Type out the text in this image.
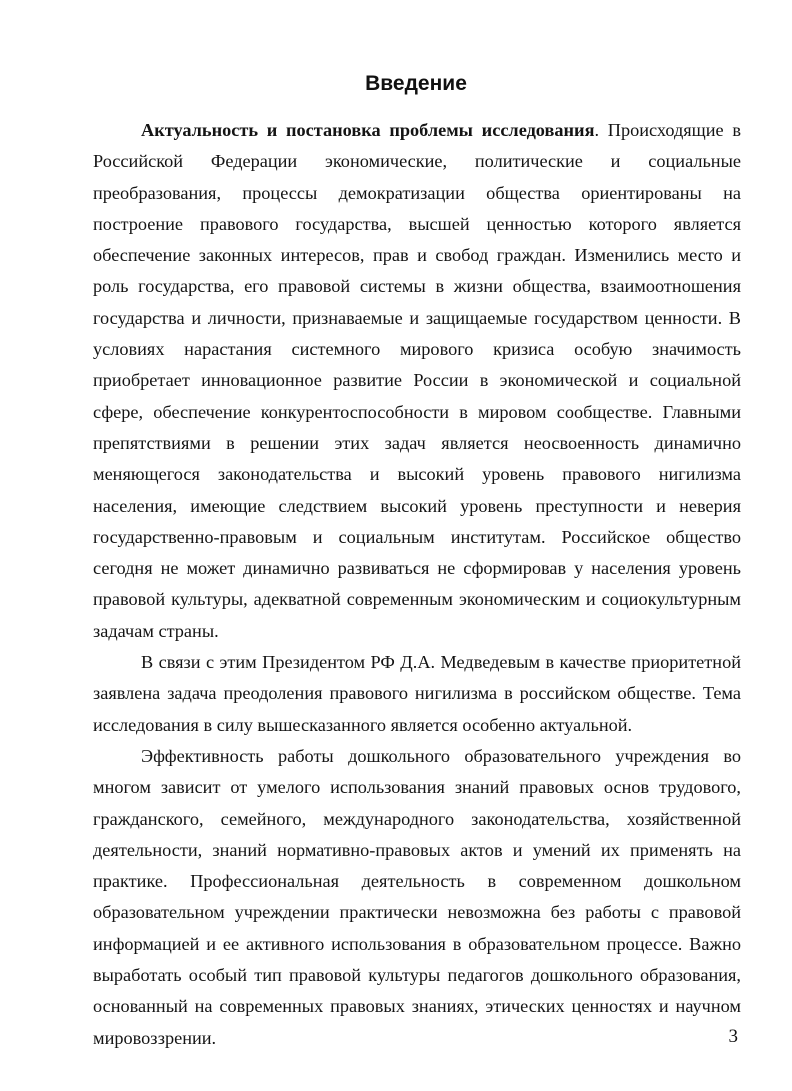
Введение

Актуальность и постановка проблемы исследования. Происходящие в Российской Федерации экономические, политические и социальные преобразования, процессы демократизации общества ориентированы на построение правового государства, высшей ценностью которого является обеспечение законных интересов, прав и свобод граждан. Изменились место и роль государства, его правовой системы в жизни общества, взаимоотношения государства и личности, признаваемые и защищаемые государством ценности. В условиях нарастания системного мирового кризиса особую значимость приобретает инновационное развитие России в экономической и социальной сфере, обеспечение конкурентоспособности в мировом сообществе. Главными препятствиями в решении этих задач является неосвоенность динамично меняющегося законодательства и высокий уровень правового нигилизма населения, имеющие следствием высокий уровень преступности и неверия государственно-правовым и социальным институтам. Российское общество сегодня не может динамично развиваться не сформировав у населения уровень правовой культуры, адекватной современным экономическим и социокультурным задачам страны.

В связи с этим Президентом РФ Д.А. Медведевым в качестве приоритетной заявлена задача преодоления правового нигилизма в российском обществе. Тема исследования в силу вышесказанного является особенно актуальной.

Эффективность работы дошкольного образовательного учреждения во многом зависит от умелого использования знаний правовых основ трудового, гражданского, семейного, международного законодательства, хозяйственной деятельности, знаний нормативно-правовых актов и умений их применять на практике. Профессиональная деятельность в современном дошкольном образовательном учреждении практически невозможна без работы с правовой информацией и ее активного использования в образовательном процессе. Важно выработать особый тип правовой культуры педагогов дошкольного образования, основанный на современных правовых знаниях, этических ценностях и научном мировоззрении.	3
